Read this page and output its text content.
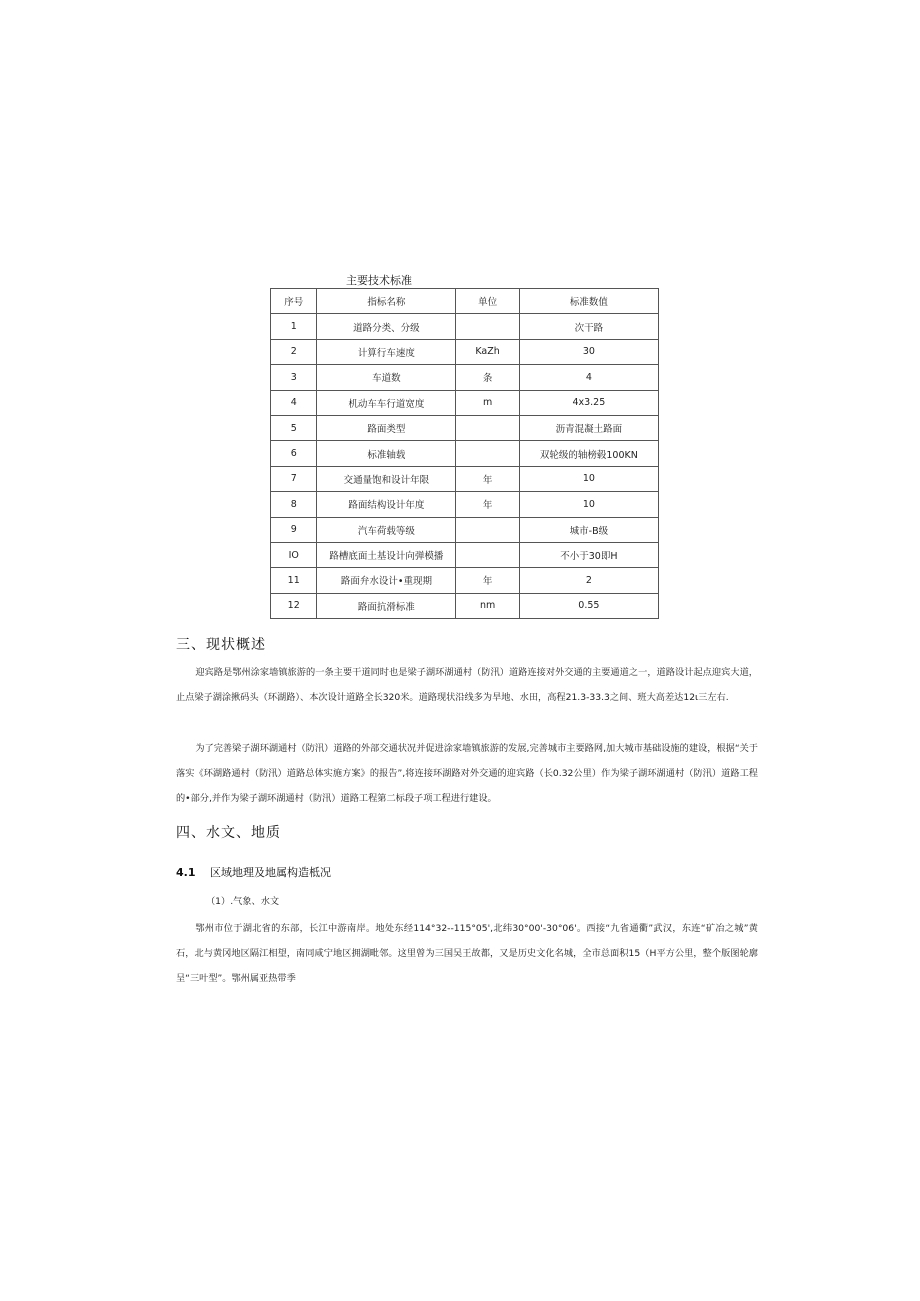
主要技术标准
序号	指标名称	单位	标准数值
1	道路分类、分级		次干路
2	计算行车速度	KaZh	30
3	车道数	条	4
4	机动车车行道宽度	m	4x3.25
5	路面类型		沥青混凝土路面
6	标准轴载		双轮级的轴榜毂100KN
7	交通量饱和设计年限	年	10
8	路面结构设计年度	年	10
9	汽车荷载等级		城市-B级
IO	路槽底面土基设计向弹模播		不小于30即H
11	路面弁水设计•重现期	年	2
12	路面抗滑标准	nm	0.55
三、现状概述

迎宾路是鄂州涂家墙镇旅游的一条主要干道同时也是梁子湖环湖通村（防汛）道路连接对外交通的主要通道之一，道路设计起点迎宾大道，止点梁子湖涂揪码头（环湖路）、本次设计道路全长320米。道路现状沿线多为旱地、水田，高程21.3-33.3之间、班大高差达12ι三左右.

为了完善梁子湖环湖通村（防汛）道路的外部交通状况并促进涂家墙镇旅游的发展,完善城市主要路网,加大城市基础设施的建设，根据“关于落实《环湖路通村（防汛）道路总体实施方案》的报告”,将连接环湖路对外交通的迎宾路（长0.32公里）作为梁子湖环湖通村（防汛）道路工程的•部分,并作为梁子湖环湖通村（防汛）道路工程第二标段子项工程进行建设。

四、水文、地质
4.1 区域地理及地属构造柢况
（1）.气象、水文

鄂州市位于湖北省的东部，长江中游南岸。地处东经114°32--115°05',北纬30°00'-30°06'。西接“九省通衢”武汉，东连“矿冶之城”黄石，北与黄冈地区隔江相望，南同咸宁地区拥湖毗邻。这里曾为三国吴王故都，又是历史文化名城，全市总面积15（H平方公里，整个版图轮廓呈“三叶型”。鄂州属亚热带季
